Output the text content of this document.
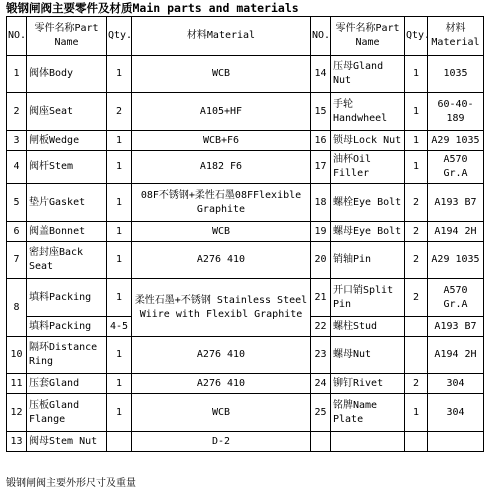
锻钢闸阀主要零件及材质Main parts and materials
NO.	零件名称Part Name	Qty.	材料Material	NO.	零件名称Part Name	Qty.	材料Material
1	阀体Body	1	WCB	14	压母Gland Nut	1	1035
2	阀座Seat	2	A105+HF	15	手轮 Handwheel	1	60-40-189
3	闸板Wedge	1	WCB+F6	16	锁母Lock Nut	1	A29 1035
4	阀杆Stem	1	A182 F6	17	油杯Oil Filler	1	A570 Gr.A
5	垫片Gasket	1	08F不锈钢+柔性石墨08FFlexible Graphite	18	螺栓Eye Bolt	2	A193 B7
6	阀盖Bonnet	1	WCB	19	螺母Eye Bolt	2	A194 2H
7	密封座Back Seat	1	A276 410	20	销轴Pin	2	A29 1035
8	填料Packing	1	柔性石墨+不锈钢 Stainless Steel Wiire with Flexibl Graphite	21	开口销Split Pin	2	A570 Gr.A
	填料Packing	4-5		22	螺柱Stud		A193 B7
10	隔环Distance Ring	1	A276 410	23	螺母Nut		A194 2H
11	压套Gland	1	A276 410	24	铆钉Rivet	2	304
12	压板Gland Flange	1	WCB	25	铭牌Name Plate	1	304
13	阀母Stem Nut		D-2				
锻钢闸阀主要外形尺寸及重量
